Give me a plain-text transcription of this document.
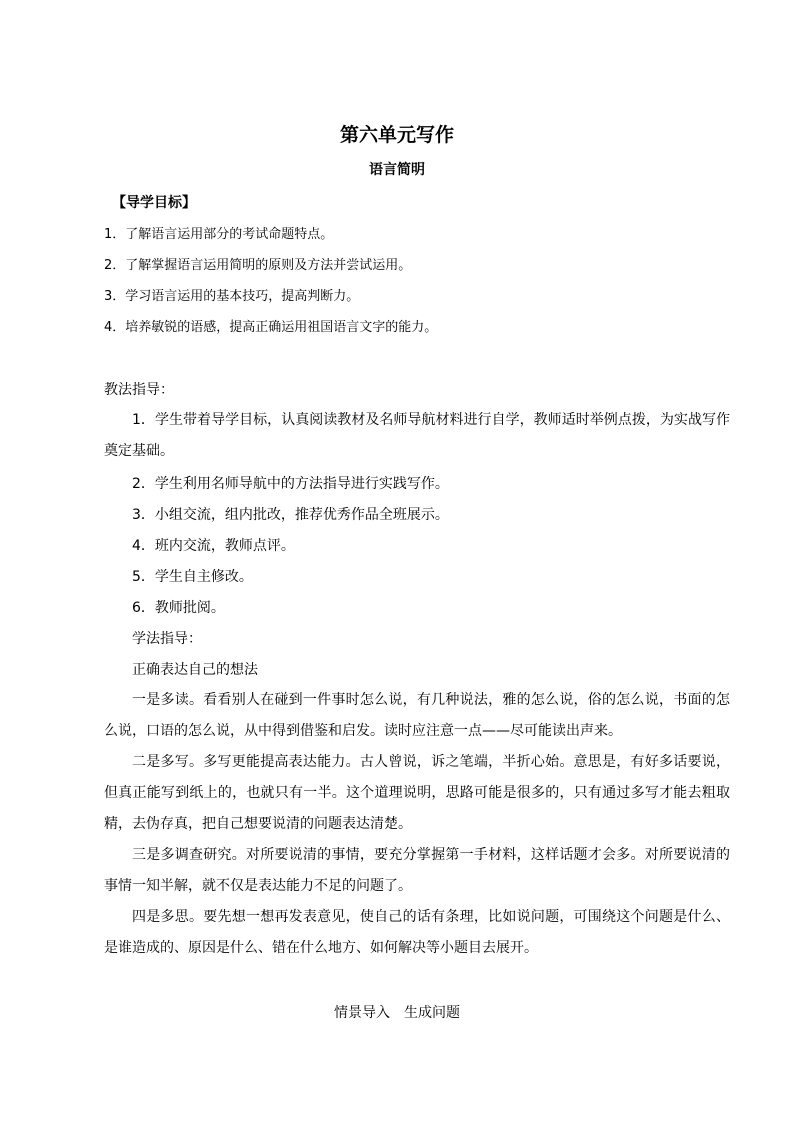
第六单元写作
语言简明
【导学目标】
1．了解语言运用部分的考试命题特点。
2．了解掌握语言运用简明的原则及方法并尝试运用。
3．学习语言运用的基本技巧，提高判断力。
4．培养敏锐的语感，提高正确运用祖国语言文字的能力。
教法指导：
1．学生带着导学目标，认真阅读教材及名师导航材料进行自学，教师适时举例点拨，为实战写作奠定基础。
2．学生利用名师导航中的方法指导进行实践写作。
3．小组交流，组内批改，推荐优秀作品全班展示。
4．班内交流，教师点评。
5．学生自主修改。
6．教师批阅。
学法指导：
正确表达自己的想法
一是多读。看看别人在碰到一件事时怎么说，有几种说法，雅的怎么说，俗的怎么说，书面的怎么说，口语的怎么说，从中得到借鉴和启发。读时应注意一点——尽可能读出声来。
二是多写。多写更能提高表达能力。古人曾说，诉之笔端，半折心始。意思是，有好多话要说，但真正能写到纸上的，也就只有一半。这个道理说明，思路可能是很多的，只有通过多写才能去粗取精，去伪存真，把自己想要说清的问题表达清楚。
三是多调查研究。对所要说清的事情，要充分掌握第一手材料，这样话题才会多。对所要说清的事情一知半解，就不仅是表达能力不足的问题了。
四是多思。要先想一想再发表意见，使自己的话有条理，比如说问题，可围绕这个问题是什么、是谁造成的、原因是什么、错在什么地方、如何解决等小题目去展开。
情景导入　生成问题
